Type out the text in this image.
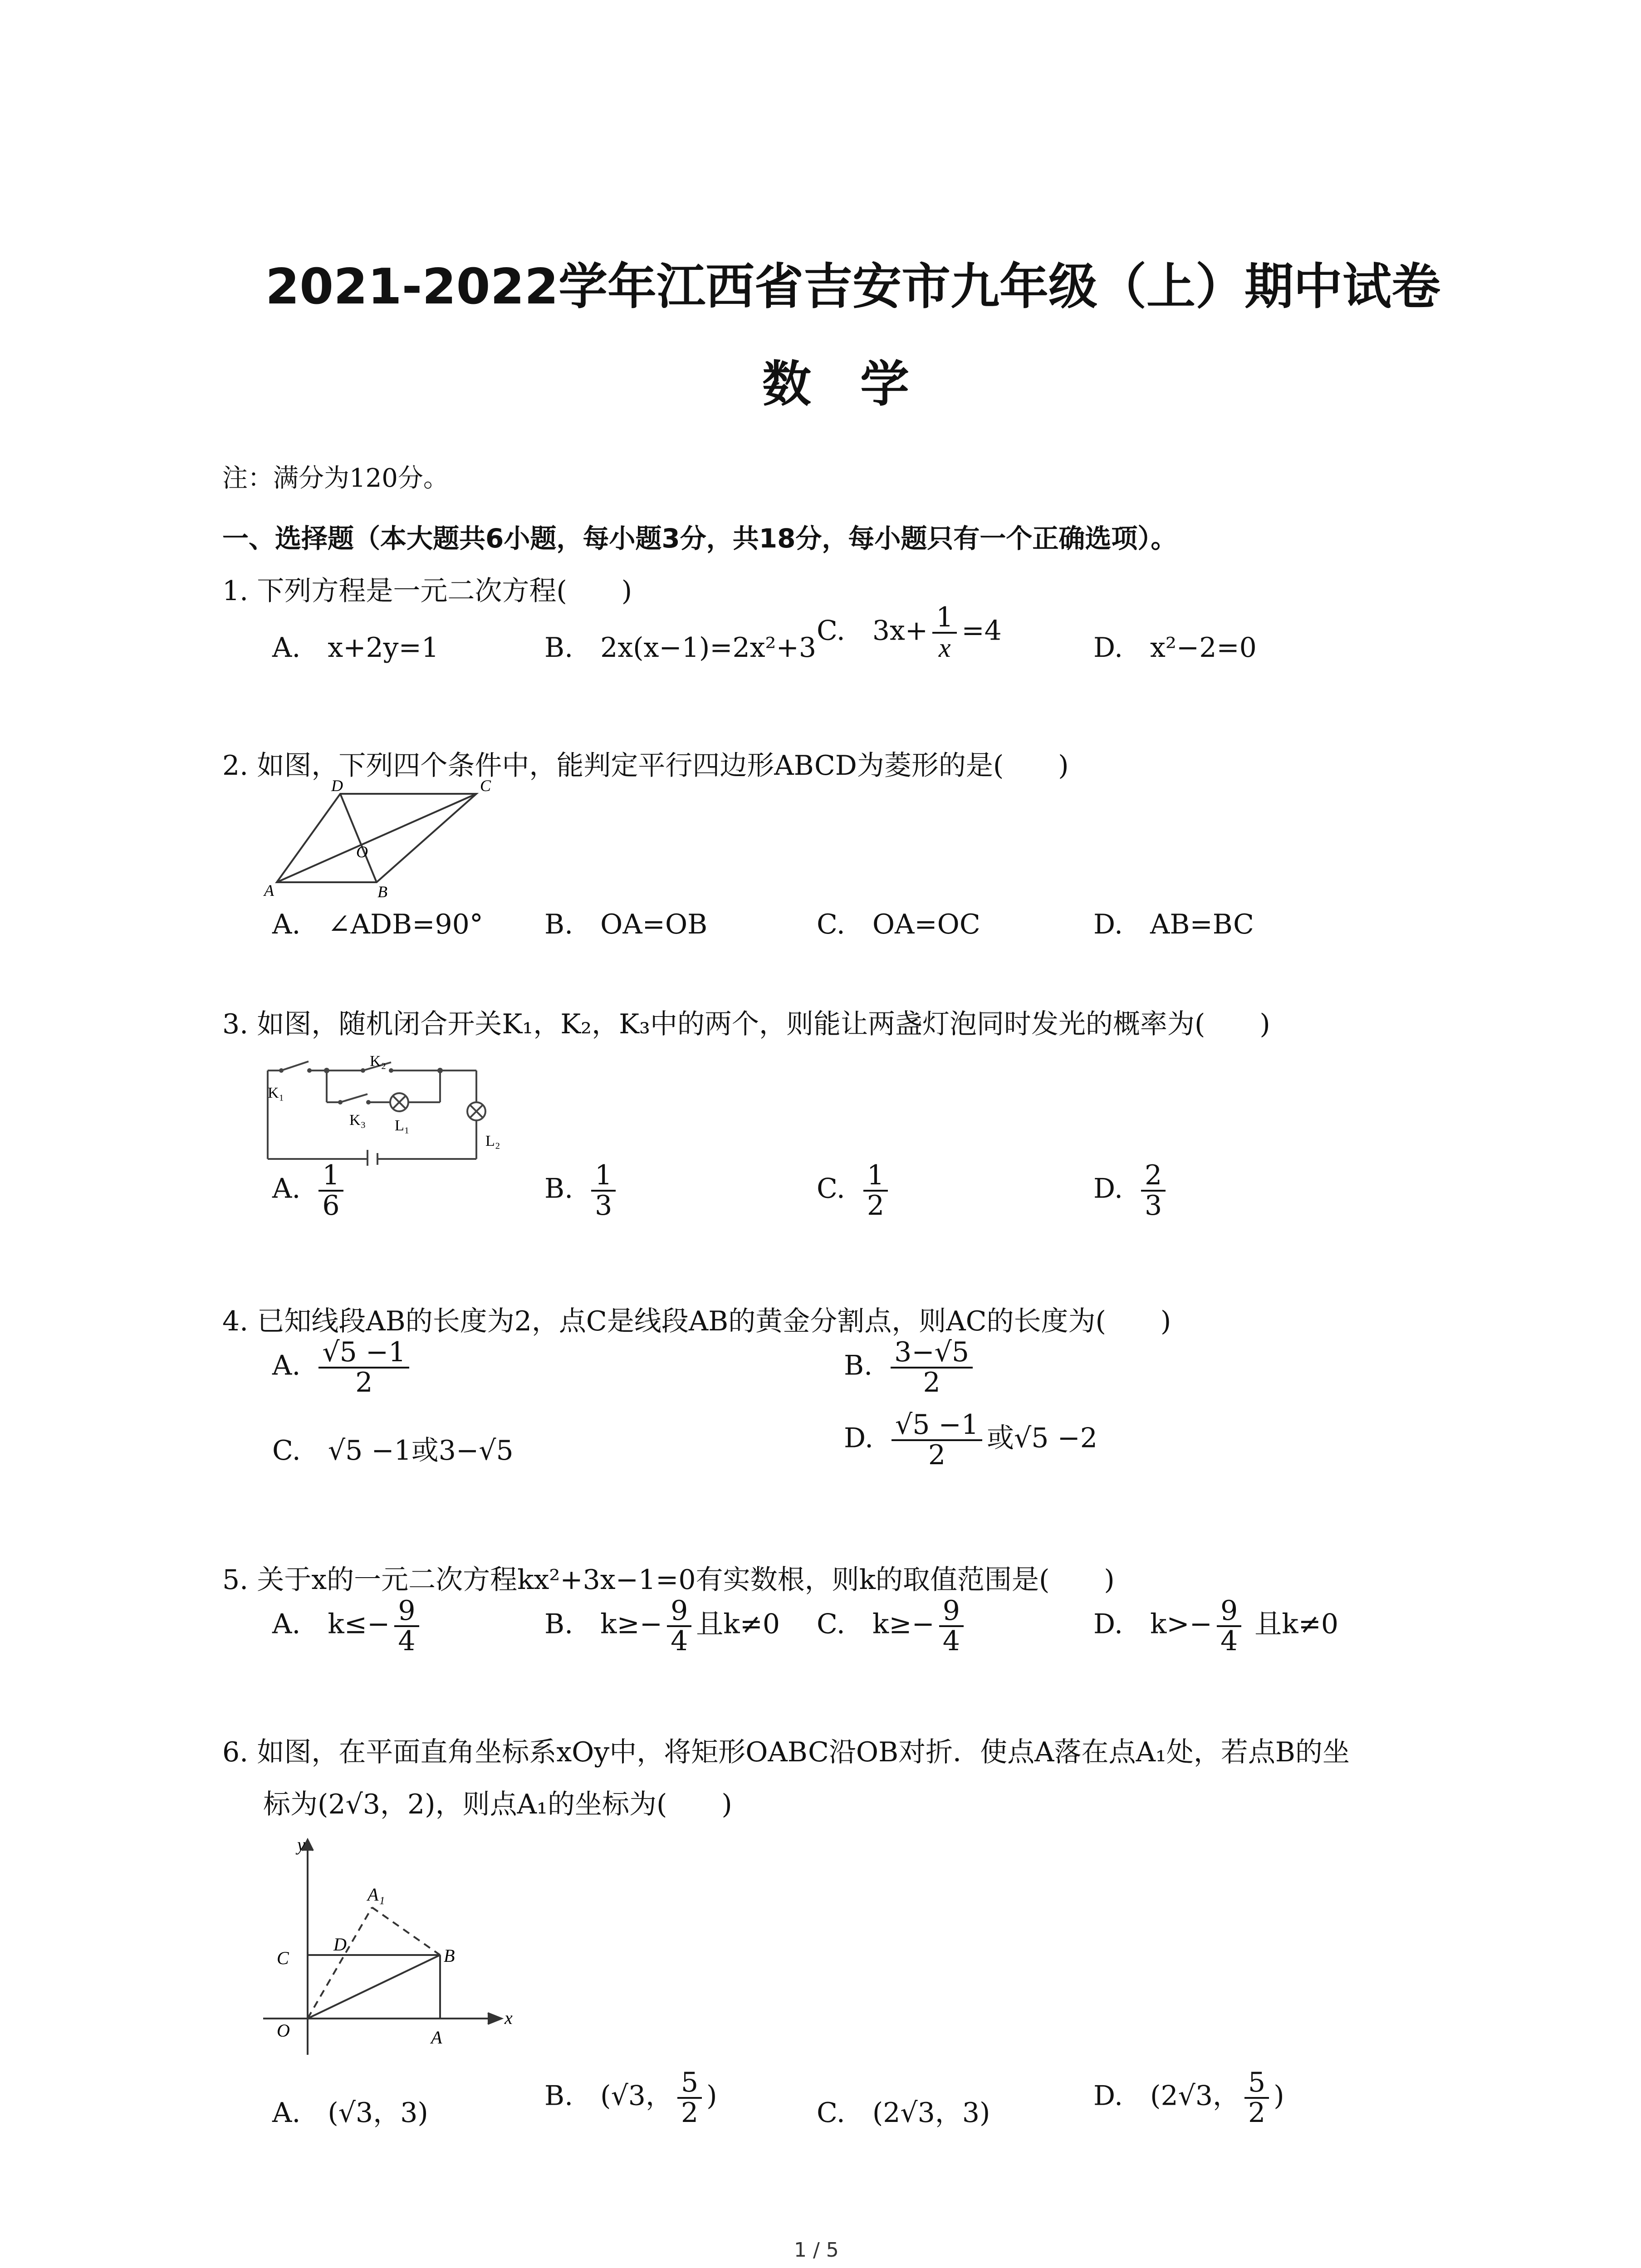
2021-2022学年江西省吉安市九年级（上）期中试卷
数　学
注：满分为120分。
一、选择题（本大题共6小题，每小题3分，共18分，每小题只有一个正确选项）。
1. 下列方程是一元二次方程(　　)
A.　x+2y=1	B.　2x(x−1)=2x²+3
C.　$3x+ \frac{1}{x} =4$
D.　x²−2=0
2. 如图，下列四个条件中，能判定平行四边形ABCD为菱形的是(　　)
D	C
O
A	B
A.　∠ADB=90° B.　OA=OB	C.　OA=OC	D.　AB=BC
3. 如图，随机闭合开关K₁，K₂，K₃中的两个，则能让两盏灯泡同时发光的概率为(　　)
K₁
K₂
K₃ L₁
L₂
A. $\frac{1}{6}$	B. $\frac{1}{3}$	C. $\frac{1}{2}$	D. $\frac{2}{3}$
4. 已知线段AB的长度为2，点C是线段AB的黄金分割点，则AC的长度为(　　)
A. $\frac{√5 -1}{2}$	B. $\frac{3-√5}{2}$
C.　√5 −1或3−√5	D. $\frac{√5 -1}{2}$ 或√5 −2
5. 关于x的一元二次方程kx²+3x−1=0有实数根，则k的取值范围是(　　)
A.　$k\le- \frac{9}{4}$	B.　$k\ge- \frac{9}{4}$ 且k≠0 C.　$k\ge- \frac{9}{4}$	D.　$k>- \frac{9}{4}$ 且k≠0
6. 如图，在平面直角坐标系xOy中，将矩形OABC沿OB对折．使点A落在点A₁处，若点B的坐
标为(2√3，2)，则点A₁的坐标为(　　)
y
A₁
C
D
B
O	A
x
A.　(√3，3)
B.　(√3， $\frac{5}{2}$ )
C.　(2√3，3)
D.　(2√3， $\frac{5}{2}$ )
1 / 5
